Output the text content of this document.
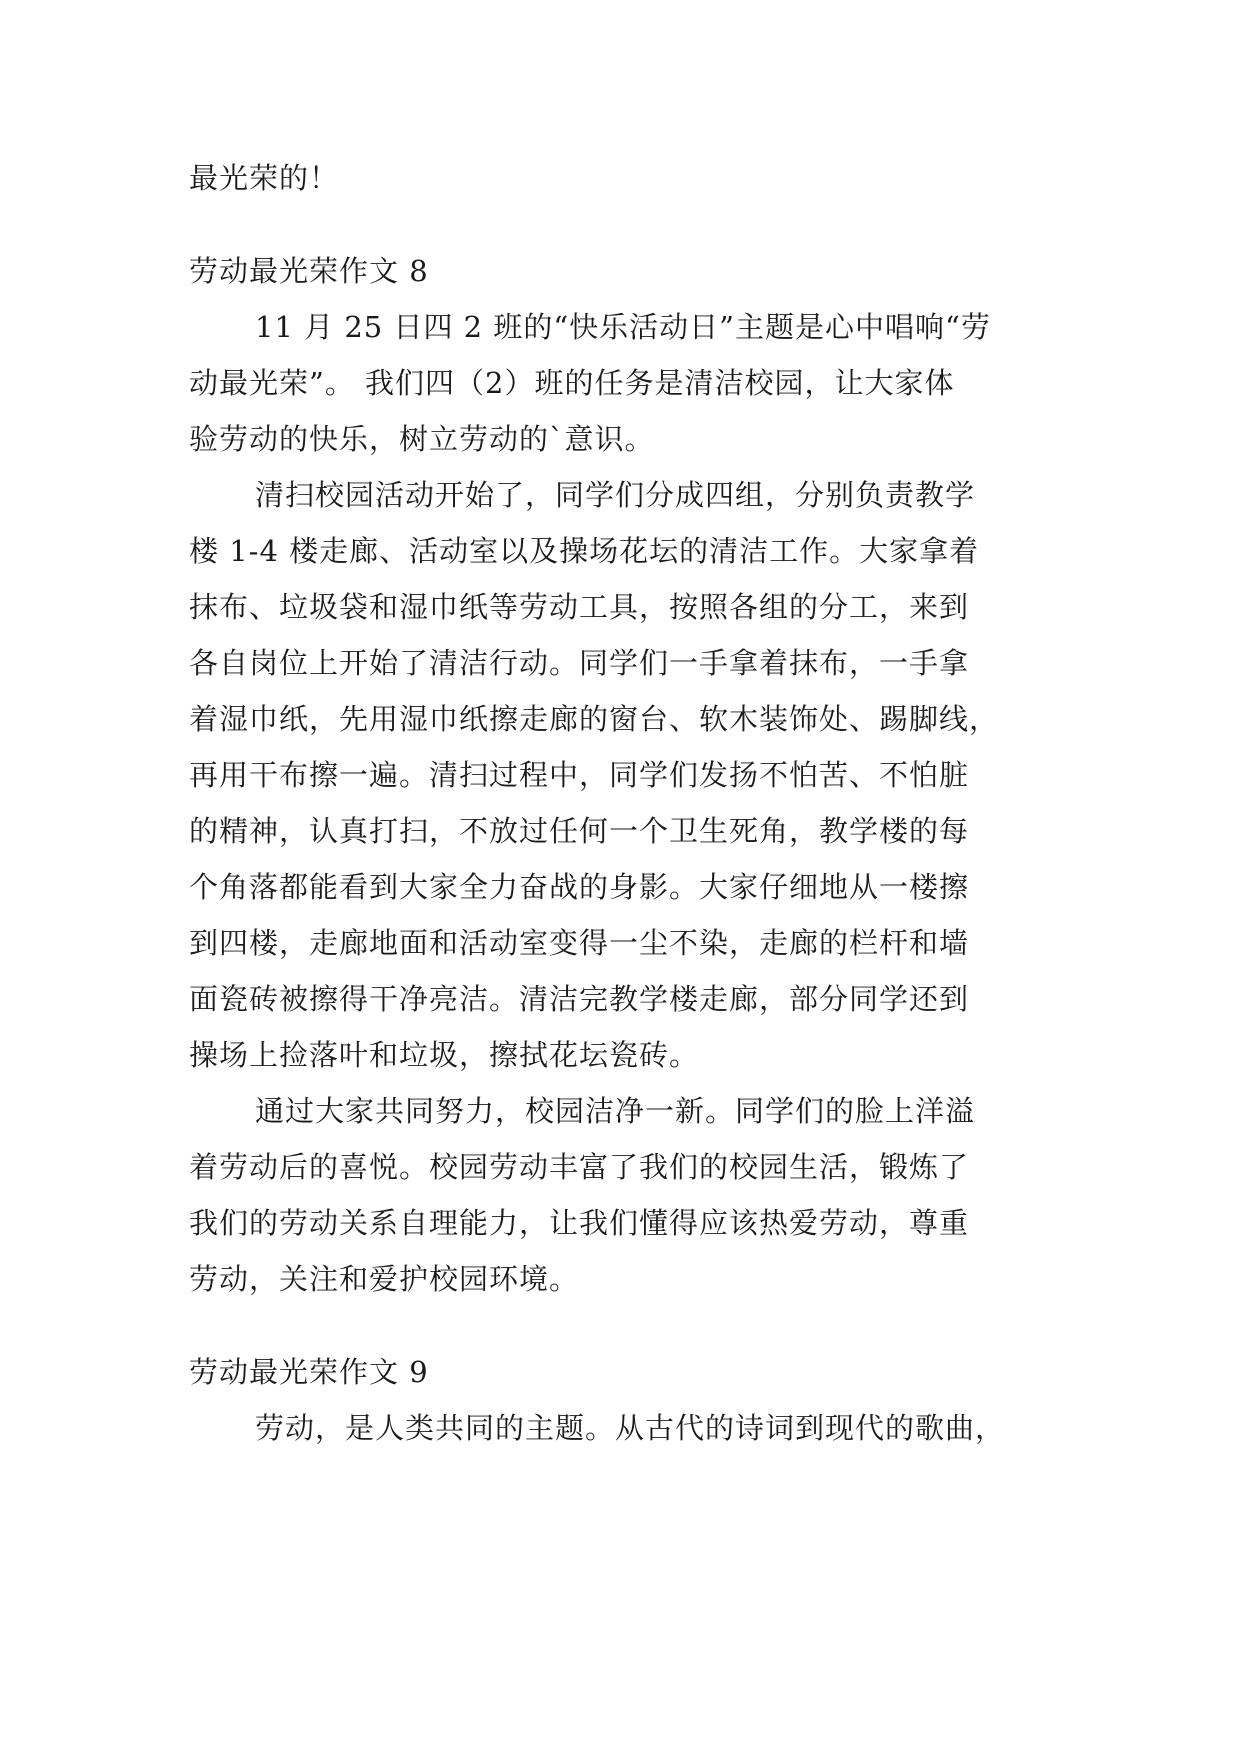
最光荣的！
劳动最光荣作文 8
11 月 25 日四 2 班的“快乐活动日”主题是心中唱响“劳
动最光荣”。 我们四（2）班的任务是清洁校园，让大家体
验劳动的快乐，树立劳动的`意识。
清扫校园活动开始了，同学们分成四组，分别负责教学
楼 1-4 楼走廊、活动室以及操场花坛的清洁工作。大家拿着
抹布、垃圾袋和湿巾纸等劳动工具，按照各组的分工，来到
各自岗位上开始了清洁行动。同学们一手拿着抹布，一手拿
着湿巾纸，先用湿巾纸擦走廊的窗台、软木装饰处、踢脚线，
再用干布擦一遍。清扫过程中，同学们发扬不怕苦、不怕脏
的精神，认真打扫，不放过任何一个卫生死角，教学楼的每
个角落都能看到大家全力奋战的身影。大家仔细地从一楼擦
到四楼，走廊地面和活动室变得一尘不染，走廊的栏杆和墙
面瓷砖被擦得干净亮洁。清洁完教学楼走廊，部分同学还到
操场上捡落叶和垃圾，擦拭花坛瓷砖。
通过大家共同努力，校园洁净一新。同学们的脸上洋溢
着劳动后的喜悦。校园劳动丰富了我们的校园生活，锻炼了
我们的劳动关系自理能力，让我们懂得应该热爱劳动，尊重
劳动，关注和爱护校园环境。
劳动最光荣作文 9
劳动，是人类共同的主题。从古代的诗词到现代的歌曲，
